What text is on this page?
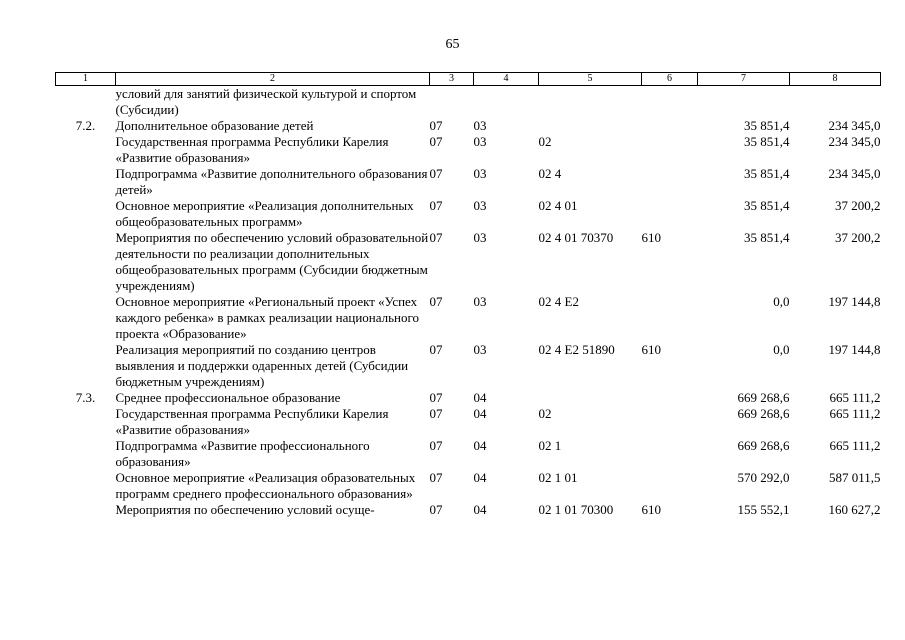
65
1	2	3	4	5	6	7	8
	условий для занятий физической культурой и спортом (Субсидии)						
7.2.	Дополнительное образование детей	07	03			35 851,4	234 345,0
	Государственная программа Республики Карелия «Развитие образования»	07	03	02		35 851,4	234 345,0
	Подпрограмма «Развитие дополнительного образования детей»	07	03	02 4		35 851,4	234 345,0
	Основное мероприятие «Реализация дополнительных общеобразовательных программ»	07	03	02 4 01		35 851,4	37 200,2
	Мероприятия по обеспечению условий образовательной деятельности по реализации дополнительных общеобразовательных программ (Субсидии бюджетным учреждениям)	07	03	02 4 01 70370	610	35 851,4	37 200,2
	Основное мероприятие «Региональный проект «Успех каждого ребенка» в рамках реализации национального проекта «Образование»	07	03	02 4 E2		0,0	197 144,8
	Реализация мероприятий по созданию центров выявления и поддержки одаренных детей (Субсидии бюджетным учреждениям)	07	03	02 4 E2 51890	610	0,0	197 144,8
7.3.	Среднее профессиональное образование	07	04			669 268,6	665 111,2
	Государственная программа Республики Карелия «Развитие образования»	07	04	02		669 268,6	665 111,2
	Подпрограмма «Развитие профессионального образования»	07	04	02 1		669 268,6	665 111,2
	Основное мероприятие «Реализация образовательных программ среднего профессионального образования»	07	04	02 1 01		570 292,0	587 011,5
	Мероприятия по обеспечению условий осуще-	07	04	02 1 01 70300	610	155 552,1	160 627,2
